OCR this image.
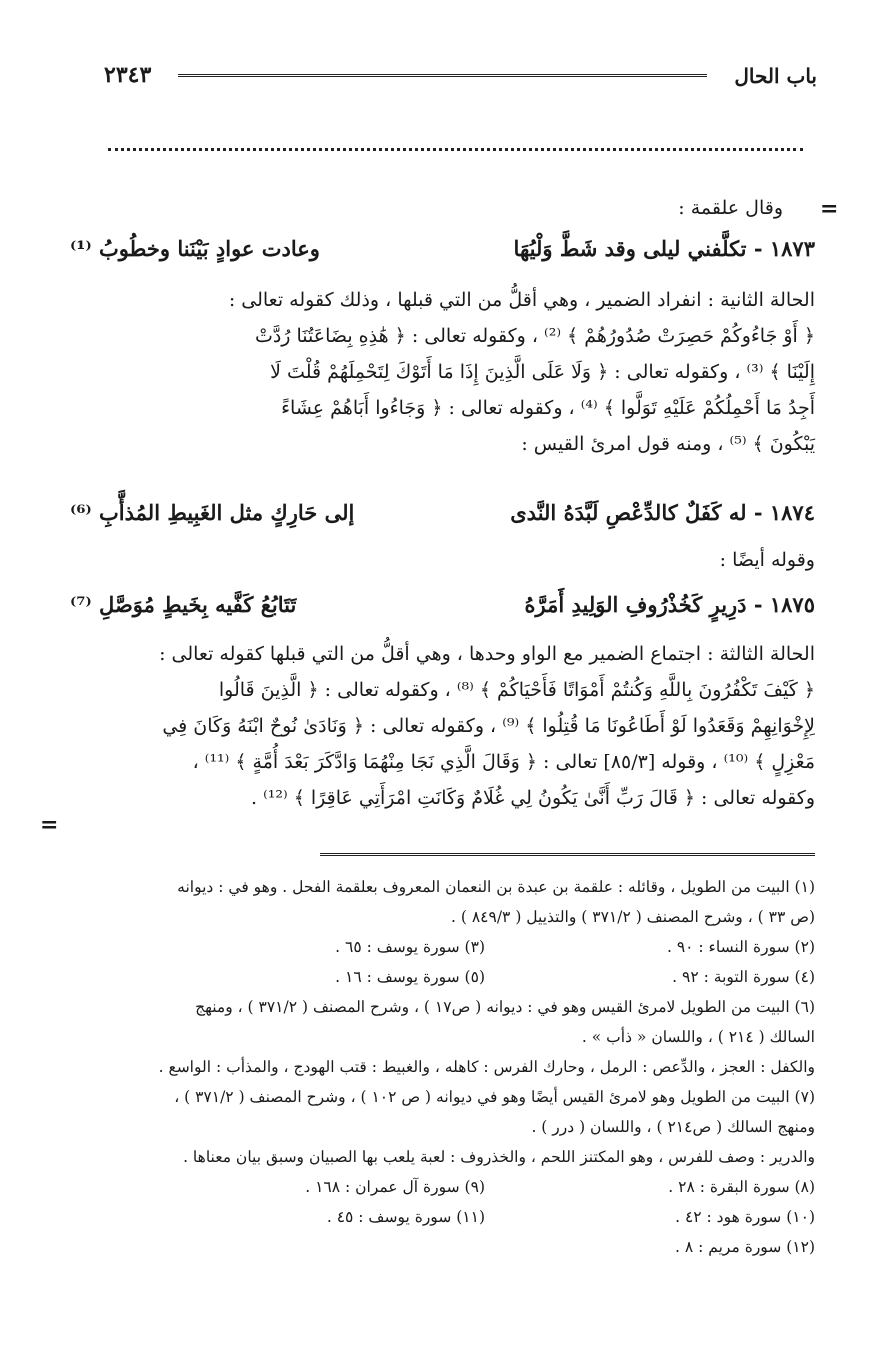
باب الحال
٢٣٤٣
=
=
وقال علقمة :
١٨٧٣ - تكلَّفني ليلى وقد شَطَّ وَلْيُهَا
وعادت عوادٍ بَيْنَنا وخطُوبُ ⁽¹⁾
الحالة الثانية : انفراد الضمير ، وهي أقلُّ من التي قبلها ، وذلك كقوله تعالى :
﴿ أَوْ جَاءُوكُمْ حَصِرَتْ صُدُورُهُمْ ﴾ ⁽²⁾ ، وكقوله تعالى : ﴿ هَٰذِهِ بِضَاعَتُنَا رُدَّتْ
إِلَيْنَا ﴾ ⁽³⁾ ، وكقوله تعالى : ﴿ وَلَا عَلَى الَّذِينَ إِذَا مَا أَتَوْكَ لِتَحْمِلَهُمْ قُلْتَ لَا
أَجِدُ مَا أَحْمِلُكُمْ عَلَيْهِ تَوَلَّوا ﴾ ⁽⁴⁾ ، وكقوله تعالى : ﴿ وَجَاءُوا أَبَاهُمْ عِشَاءً
يَبْكُونَ ﴾ ⁽⁵⁾ ، ومنه قول امرئ القيس :
١٨٧٤ - له كَفَلٌ كالدِّعْصِ لَبَّدَهُ النَّدى
إلى حَارِكٍ مثل الغَبِيطِ المُذأَّبِ ⁽⁶⁾
وقوله أيضًا :
١٨٧٥ - دَرِيرٍ كَخُذْرُوفِ الوَلِيدِ أَمَرَّهُ
تَتَابُعُ كَفَّيه بِخَيطٍ مُوَصَّلِ ⁽⁷⁾
الحالة الثالثة : اجتماع الضمير مع الواو وحدها ، وهي أقلُّ من التي قبلها كقوله تعالى :
﴿ كَيْفَ تَكْفُرُونَ بِاللَّهِ وَكُنتُمْ أَمْوَاتًا فَأَحْيَاكُمْ ﴾ ⁽⁸⁾ ، وكقوله تعالى : ﴿ الَّذِينَ قَالُوا
لِإِخْوَانِهِمْ وَقَعَدُوا لَوْ أَطَاعُونَا مَا قُتِلُوا ﴾ ⁽⁹⁾ ، وكقوله تعالى : ﴿ وَنَادَىٰ نُوحٌ ابْنَهُ وَكَانَ فِي
مَعْزِلٍ ﴾ ⁽¹⁰⁾ ، وقوله [٨٥/٣] تعالى : ﴿ وَقَالَ الَّذِي نَجَا مِنْهُمَا وَادَّكَرَ بَعْدَ أُمَّةٍ ﴾ ⁽¹¹⁾ ،
وكقوله تعالى : ﴿ قَالَ رَبِّ أَنَّىٰ يَكُونُ لِي غُلَامٌ وَكَانَتِ امْرَأَتِي عَاقِرًا ﴾ ⁽¹²⁾ .
(١) البيت من الطويل ، وقائله : علقمة بن عبدة بن النعمان المعروف بعلقمة الفحل . وهو في : ديوانه
(ص ٣٣ ) ، وشرح المصنف ( ٣٧١/٢ ) والتذييل ( ٨٤٩/٣ ) .
(٢) سورة النساء : ٩٠ .
(٣) سورة يوسف : ٦٥ .
(٤) سورة التوبة : ٩٢ .
(٥) سورة يوسف : ١٦ .
(٦) البيت من الطويل لامرئ القيس وهو في : ديوانه ( ص١٧ ) ، وشرح المصنف ( ٣٧١/٢ ) ، ومنهج
السالك ( ٢١٤ ) ، واللسان « ذأب » .
والكفل : العجز ، والدِّعص : الرمل ، وحارك الفرس : كاهله ، والغبيط : قتب الهودج ، والمذأب : الواسع .
(٧) البيت من الطويل وهو لامرئ القيس أيضًا وهو في ديوانه ( ص ١٠٢ ) ، وشرح المصنف ( ٣٧١/٢ ) ،
ومنهج السالك ( ص٢١٤ ) ، واللسان ( درر ) .
والدرير : وصف للفرس ، وهو المكتنز اللحم ، والخذروف : لعبة يلعب بها الصبيان وسبق بيان معناها .
(٨) سورة البقرة : ٢٨ .
(٩) سورة آل عمران : ١٦٨ .
(١٠) سورة هود : ٤٢ .
(١١) سورة يوسف : ٤٥ .
(١٢) سورة مريم : ٨ .
